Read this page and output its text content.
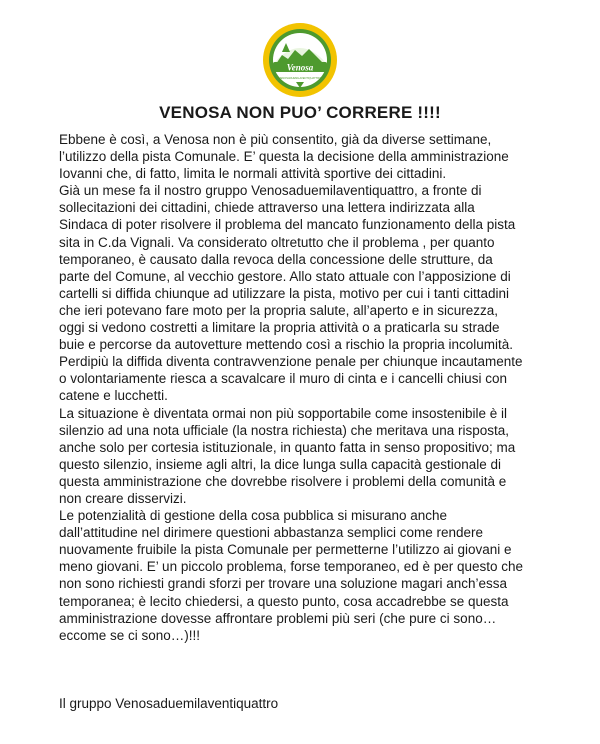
Venosa
VENOSADUEMILAVENTIQUATTRO
VENOSA NON PUO’ CORRERE !!!!

Ebbene è così, a Venosa non è più consentito, già da diverse settimane,
l’utilizzo della pista Comunale. E’ questa la decisione della amministrazione
Iovanni che, di fatto, limita le normali attività sportive dei cittadini.
Già un mese fa il nostro gruppo Venosaduemilaventiquattro, a fronte di
sollecitazioni dei cittadini, chiede attraverso una lettera indirizzata alla
Sindaca di poter risolvere il problema del mancato funzionamento della pista
sita in C.da Vignali. Va considerato oltretutto che il problema , per quanto
temporaneo, è causato dalla revoca della concessione delle strutture, da
parte del Comune, al vecchio gestore. Allo stato attuale con l’apposizione di
cartelli si diffida chiunque ad utilizzare la pista, motivo per cui i tanti cittadini
che ieri potevano fare moto per la propria salute, all’aperto e in sicurezza,
oggi si vedono costretti a limitare la propria attività o a praticarla su strade
buie e percorse da autovetture mettendo così a rischio la propria incolumità.
Perdipiù la diffida diventa contravvenzione penale per chiunque incautamente
o volontariamente riesca a scavalcare il muro di cinta e i cancelli chiusi con
catene e lucchetti.
La situazione è diventata ormai non più sopportabile come insostenibile è il
silenzio ad una nota ufficiale (la nostra richiesta) che meritava una risposta,
anche solo per cortesia istituzionale, in quanto fatta in senso propositivo; ma
questo silenzio, insieme agli altri, la dice lunga sulla capacità gestionale di
questa amministrazione che dovrebbe risolvere i problemi della comunità e
non creare disservizi.
Le potenzialità di gestione della cosa pubblica si misurano anche
dall’attitudine nel dirimere questioni abbastanza semplici come rendere
nuovamente fruibile la pista Comunale per permetterne l’utilizzo ai giovani e
meno giovani. E’ un piccolo problema, forse temporaneo, ed è per questo che
non sono richiesti grandi sforzi per trovare una soluzione magari anch’essa
temporanea; è lecito chiedersi, a questo punto, cosa accadrebbe se questa
amministrazione dovesse affrontare problemi più seri (che pure ci sono…
eccome se ci sono…)!!!

Il gruppo Venosaduemilaventiquattro
